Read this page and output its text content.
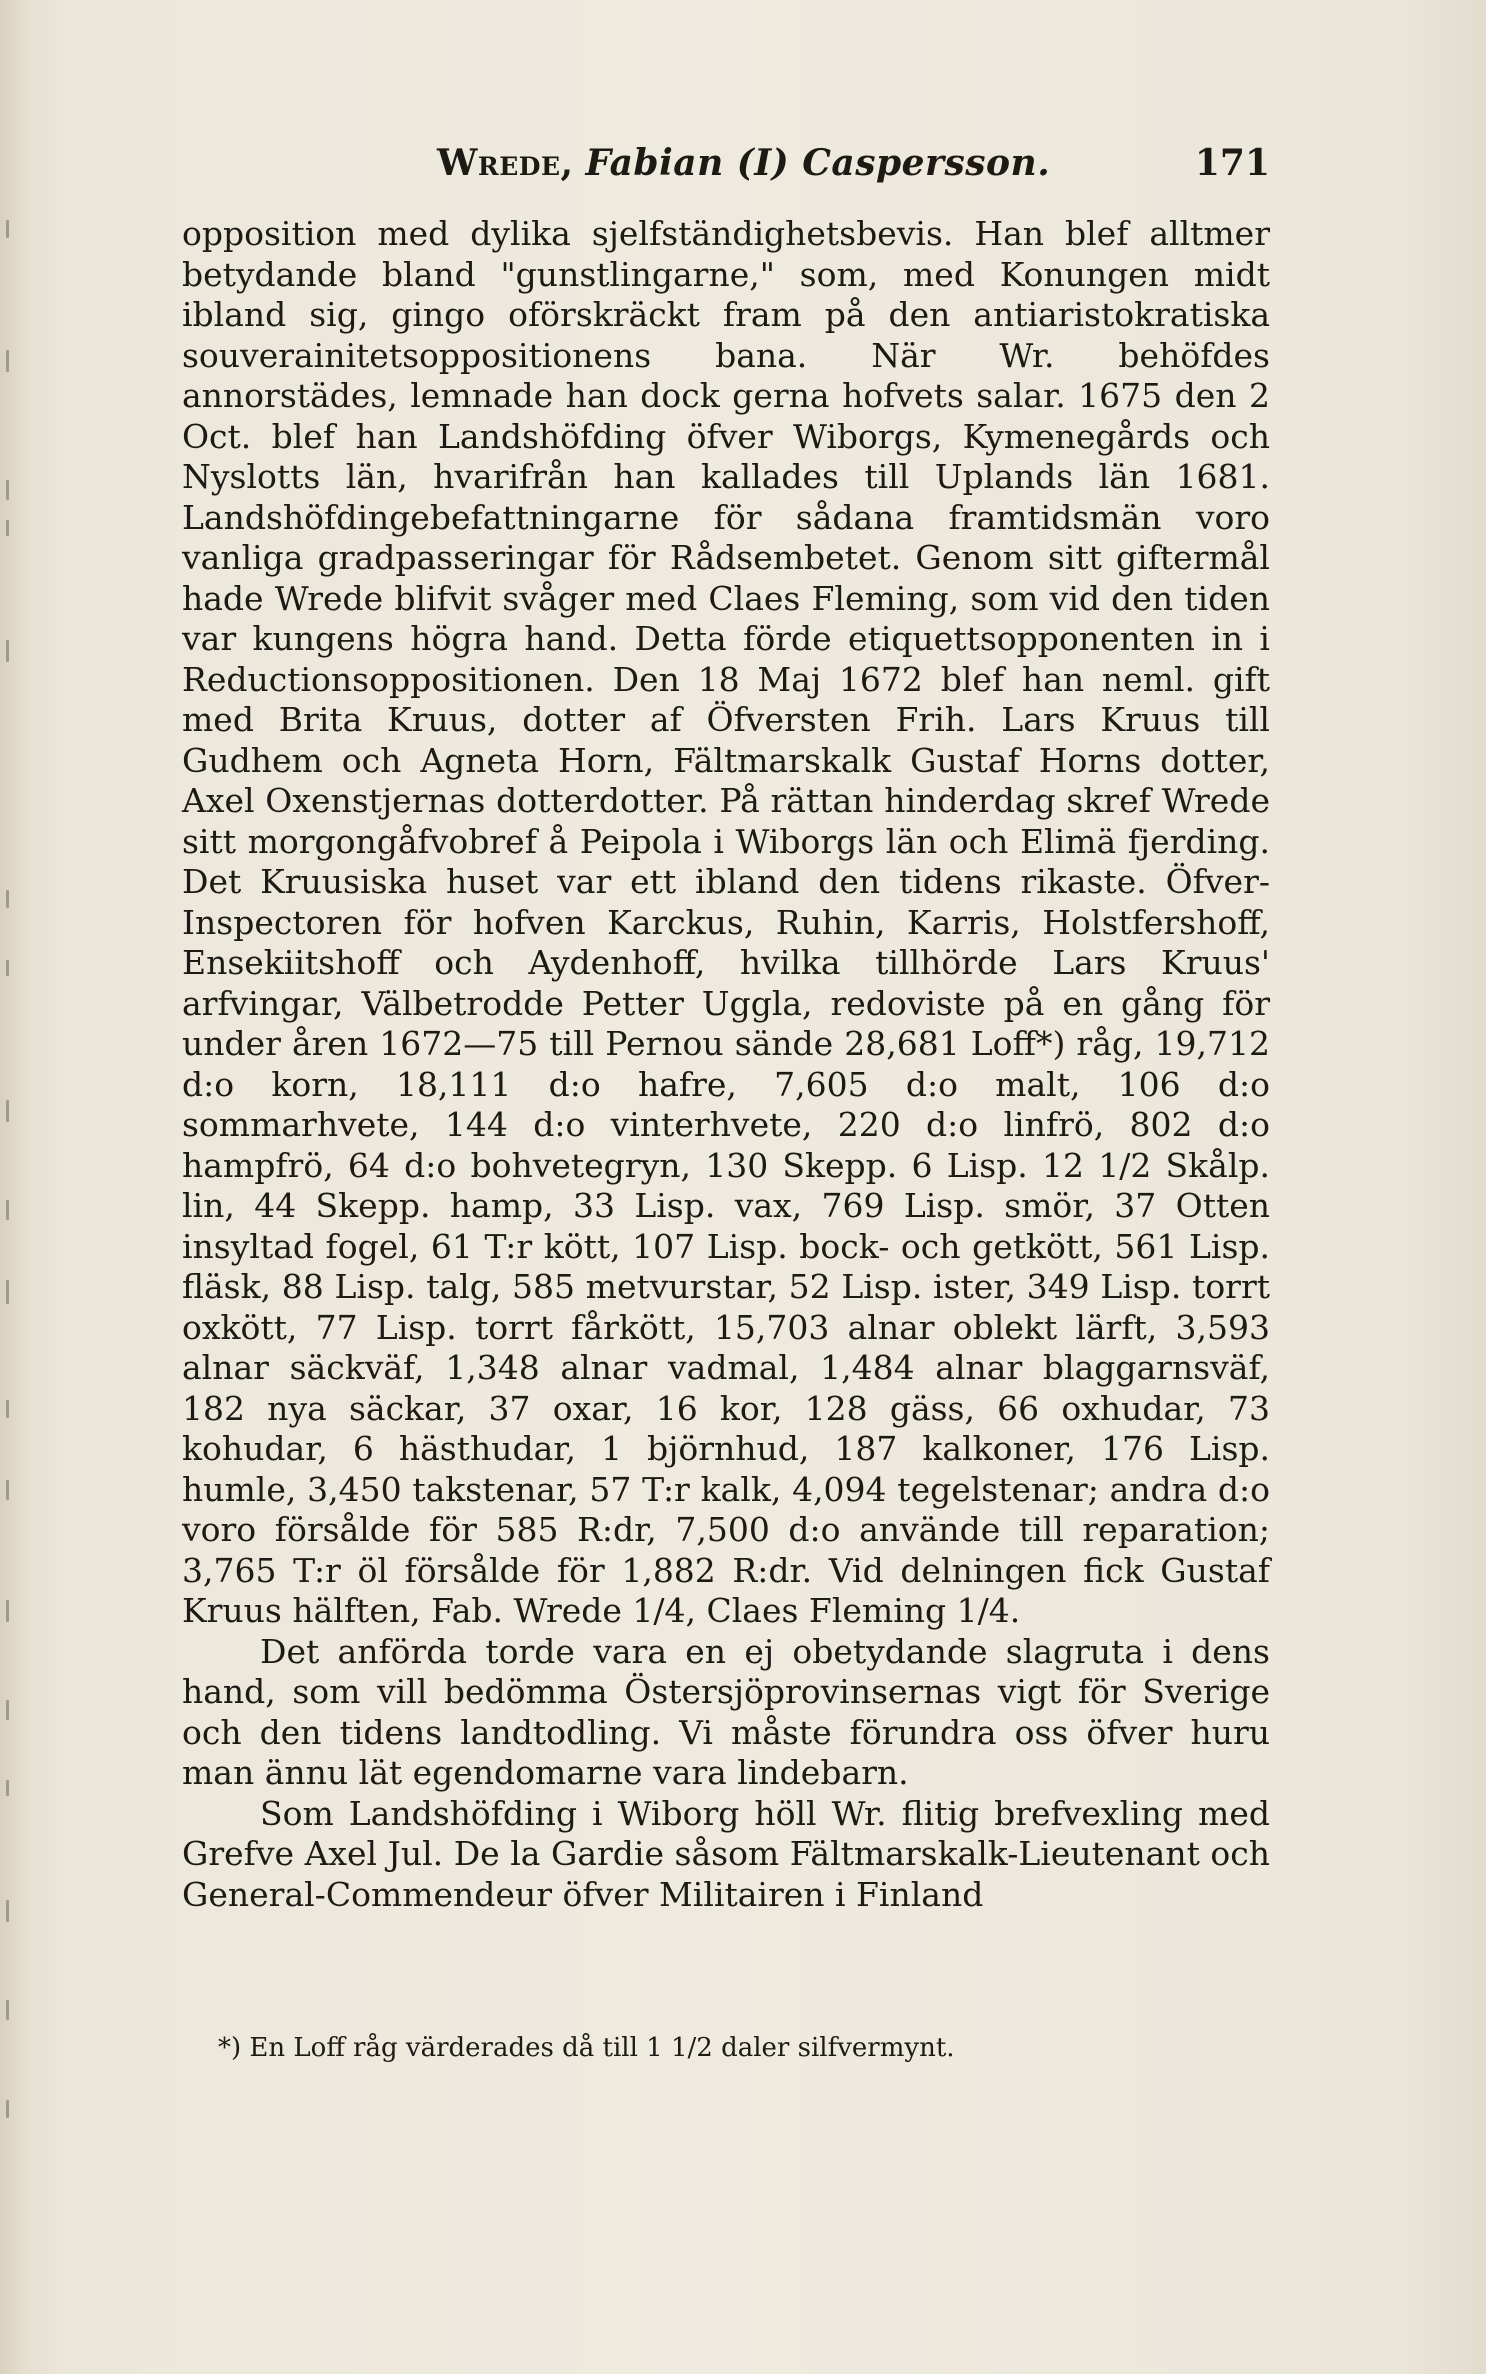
Wrede, Fabian (I) Caspersson.	171

opposition med dylika sjelfständighetsbevis. Han blef alltmer betydande bland "gunstlingarne," som, med Konungen midt ibland sig, gingo oförskräckt fram på den antiaristokratiska souverainitetsoppositionens bana. När Wr. behöfdes annorstädes, lemnade han dock gerna hofvets salar. 1675 den 2 Oct. blef han Landshöfding öfver Wiborgs, Kymenegårds och Nyslotts län, hvarifrån han kallades till Uplands län 1681. Landshöfdingebefattningarne för sådana framtidsmän voro vanliga gradpasseringar för Rådsembetet. Genom sitt giftermål hade Wrede blifvit svåger med Claes Fleming, som vid den tiden var kungens högra hand. Detta förde etiquettsopponenten in i Reductionsoppositionen. Den 18 Maj 1672 blef han neml. gift med Brita Kruus, dotter af Öfversten Frih. Lars Kruus till Gudhem och Agneta Horn, Fältmarskalk Gustaf Horns dotter, Axel Oxenstjernas dotterdotter. På rättan hinderdag skref Wrede sitt morgongåfvobref å Peipola i Wiborgs län och Elimä fjerding. Det Kruusiska huset var ett ibland den tidens rikaste. Öfver-Inspectoren för hofven Karckus, Ruhin, Karris, Holstfershoff, Ensekiitshoff och Aydenhoff, hvilka tillhörde Lars Kruus' arfvingar, Välbetrodde Petter Uggla, redoviste på en gång för under åren 1672—75 till Pernou sände 28,681 Loff*) råg, 19,712 d:o korn, 18,111 d:o hafre, 7,605 d:o malt, 106 d:o sommarhvete, 144 d:o vinterhvete, 220 d:o linfrö, 802 d:o hampfrö, 64 d:o bohvetegryn, 130 Skepp. 6 Lisp. 12 1/2 Skålp. lin, 44 Skepp. hamp, 33 Lisp. vax, 769 Lisp. smör, 37 Otten insyltad fogel, 61 T:r kött, 107 Lisp. bock- och getkött, 561 Lisp. fläsk, 88 Lisp. talg, 585 metvurstar, 52 Lisp. ister, 349 Lisp. torrt oxkött, 77 Lisp. torrt fårkött, 15,703 alnar oblekt lärft, 3,593 alnar säckväf, 1,348 alnar vadmal, 1,484 alnar blaggarnsväf, 182 nya säckar, 37 oxar, 16 kor, 128 gäss, 66 oxhudar, 73 kohudar, 6 hästhudar, 1 björnhud, 187 kalkoner, 176 Lisp. humle, 3,450 takstenar, 57 T:r kalk, 4,094 tegelstenar; andra d:o voro försålde för 585 R:dr, 7,500 d:o använde till reparation; 3,765 T:r öl försålde för 1,882 R:dr. Vid delningen fick Gustaf Kruus hälften, Fab. Wrede 1/4, Claes Fleming 1/4.

Det anförda torde vara en ej obetydande slagruta i dens hand, som vill bedömma Östersjöprovinsernas vigt för Sverige och den tidens landtodling. Vi måste förundra oss öfver huru man ännu lät egendomarne vara lindebarn.

Som Landshöfding i Wiborg höll Wr. flitig brefvexling med Grefve Axel Jul. De la Gardie såsom Fältmarskalk-Lieutenant och General-Commendeur öfver Militairen i Finland

*) En Loff råg värderades då till 1 1/2 daler silfvermynt.
